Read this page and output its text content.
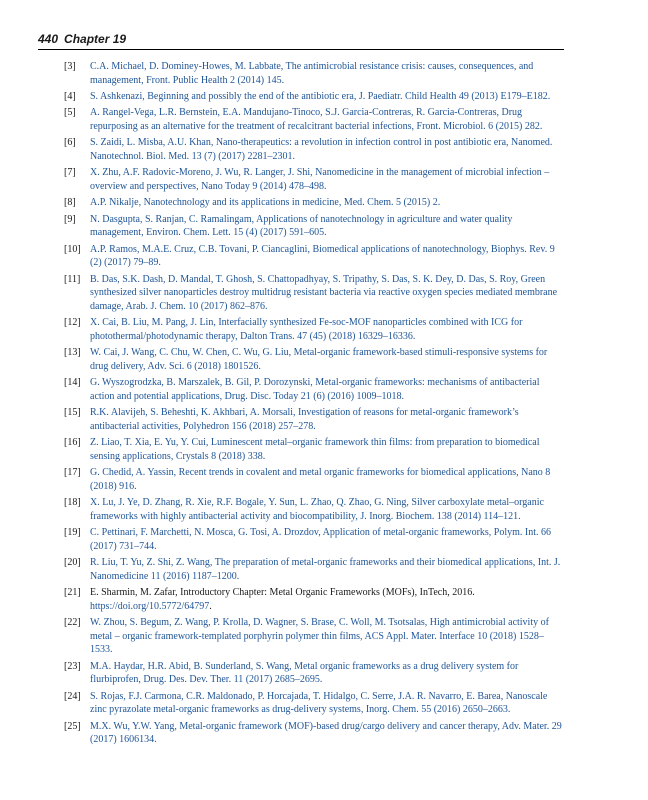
440 Chapter 19
[3] C.A. Michael, D. Dominey-Howes, M. Labbate, The antimicrobial resistance crisis: causes, consequences, and management, Front. Public Health 2 (2014) 145.
[4] S. Ashkenazi, Beginning and possibly the end of the antibiotic era, J. Paediatr. Child Health 49 (2013) E179–E182.
[5] A. Rangel-Vega, L.R. Bernstein, E.A. Mandujano-Tinoco, S.J. Garcia-Contreras, R. Garcia-Contreras, Drug repurposing as an alternative for the treatment of recalcitrant bacterial infections, Front. Microbiol. 6 (2015) 282.
[6] S. Zaidi, L. Misba, A.U. Khan, Nano-therapeutics: a revolution in infection control in post antibiotic era, Nanomed. Nanotechnol. Biol. Med. 13 (7) (2017) 2281–2301.
[7] X. Zhu, A.F. Radovic-Moreno, J. Wu, R. Langer, J. Shi, Nanomedicine in the management of microbial infection – overview and perspectives, Nano Today 9 (2014) 478–498.
[8] A.P. Nikalje, Nanotechnology and its applications in medicine, Med. Chem. 5 (2015) 2.
[9] N. Dasgupta, S. Ranjan, C. Ramalingam, Applications of nanotechnology in agriculture and water quality management, Environ. Chem. Lett. 15 (4) (2017) 591–605.
[10] A.P. Ramos, M.A.E. Cruz, C.B. Tovani, P. Ciancaglini, Biomedical applications of nanotechnology, Biophys. Rev. 9 (2) (2017) 79–89.
[11] B. Das, S.K. Dash, D. Mandal, T. Ghosh, S. Chattopadhyay, S. Tripathy, S. Das, S. K. Dey, D. Das, S. Roy, Green synthesized silver nanoparticles destroy multidrug resistant bacteria via reactive oxygen species mediated membrane damage, Arab. J. Chem. 10 (2017) 862–876.
[12] X. Cai, B. Liu, M. Pang, J. Lin, Interfacially synthesized Fe-soc-MOF nanoparticles combined with ICG for photothermal/photodynamic therapy, Dalton Trans. 47 (45) (2018) 16329–16336.
[13] W. Cai, J. Wang, C. Chu, W. Chen, C. Wu, G. Liu, Metal-organic framework-based stimuli-responsive systems for drug delivery, Adv. Sci. 6 (2018) 1801526.
[14] G. Wyszogrodzka, B. Marszalek, B. Gil, P. Dorozynski, Metal-organic frameworks: mechanisms of antibacterial action and potential applications, Drug. Disc. Today 21 (6) (2016) 1009–1018.
[15] R.K. Alavijeh, S. Beheshti, K. Akhbari, A. Morsali, Investigation of reasons for metal-organic framework’s antibacterial activities, Polyhedron 156 (2018) 257–278.
[16] Z. Liao, T. Xia, E. Yu, Y. Cui, Luminescent metal–organic framework thin films: from preparation to biomedical sensing applications, Crystals 8 (2018) 338.
[17] G. Chedid, A. Yassin, Recent trends in covalent and metal organic frameworks for biomedical applications, Nano 8 (2018) 916.
[18] X. Lu, J. Ye, D. Zhang, R. Xie, R.F. Bogale, Y. Sun, L. Zhao, Q. Zhao, G. Ning, Silver carboxylate metal–organic frameworks with highly antibacterial activity and biocompatibility, J. Inorg. Biochem. 138 (2014) 114–121.
[19] C. Pettinari, F. Marchetti, N. Mosca, G. Tosi, A. Drozdov, Application of metal-organic frameworks, Polym. Int. 66 (2017) 731–744.
[20] R. Liu, T. Yu, Z. Shi, Z. Wang, The preparation of metal-organic frameworks and their biomedical applications, Int. J. Nanomedicine 11 (2016) 1187–1200.
[21] E. Sharmin, M. Zafar, Introductory Chapter: Metal Organic Frameworks (MOFs), InTech, 2016. https://doi.org/10.5772/64797.
[22] W. Zhou, S. Begum, Z. Wang, P. Krolla, D. Wagner, S. Brase, C. Woll, M. Tsotsalas, High antimicrobial activity of metal – organic framework-templated porphyrin polymer thin films, ACS Appl. Mater. Interface 10 (2018) 1528–1533.
[23] M.A. Haydar, H.R. Abid, B. Sunderland, S. Wang, Metal organic frameworks as a drug delivery system for flurbiprofen, Drug. Des. Dev. Ther. 11 (2017) 2685–2695.
[24] S. Rojas, F.J. Carmona, C.R. Maldonado, P. Horcajada, T. Hidalgo, C. Serre, J.A. R. Navarro, E. Barea, Nanoscale zinc pyrazolate metal-organic frameworks as drug-delivery systems, Inorg. Chem. 55 (2016) 2650–2663.
[25] M.X. Wu, Y.W. Yang, Metal-organic framework (MOF)-based drug/cargo delivery and cancer therapy, Adv. Mater. 29 (2017) 1606134.
